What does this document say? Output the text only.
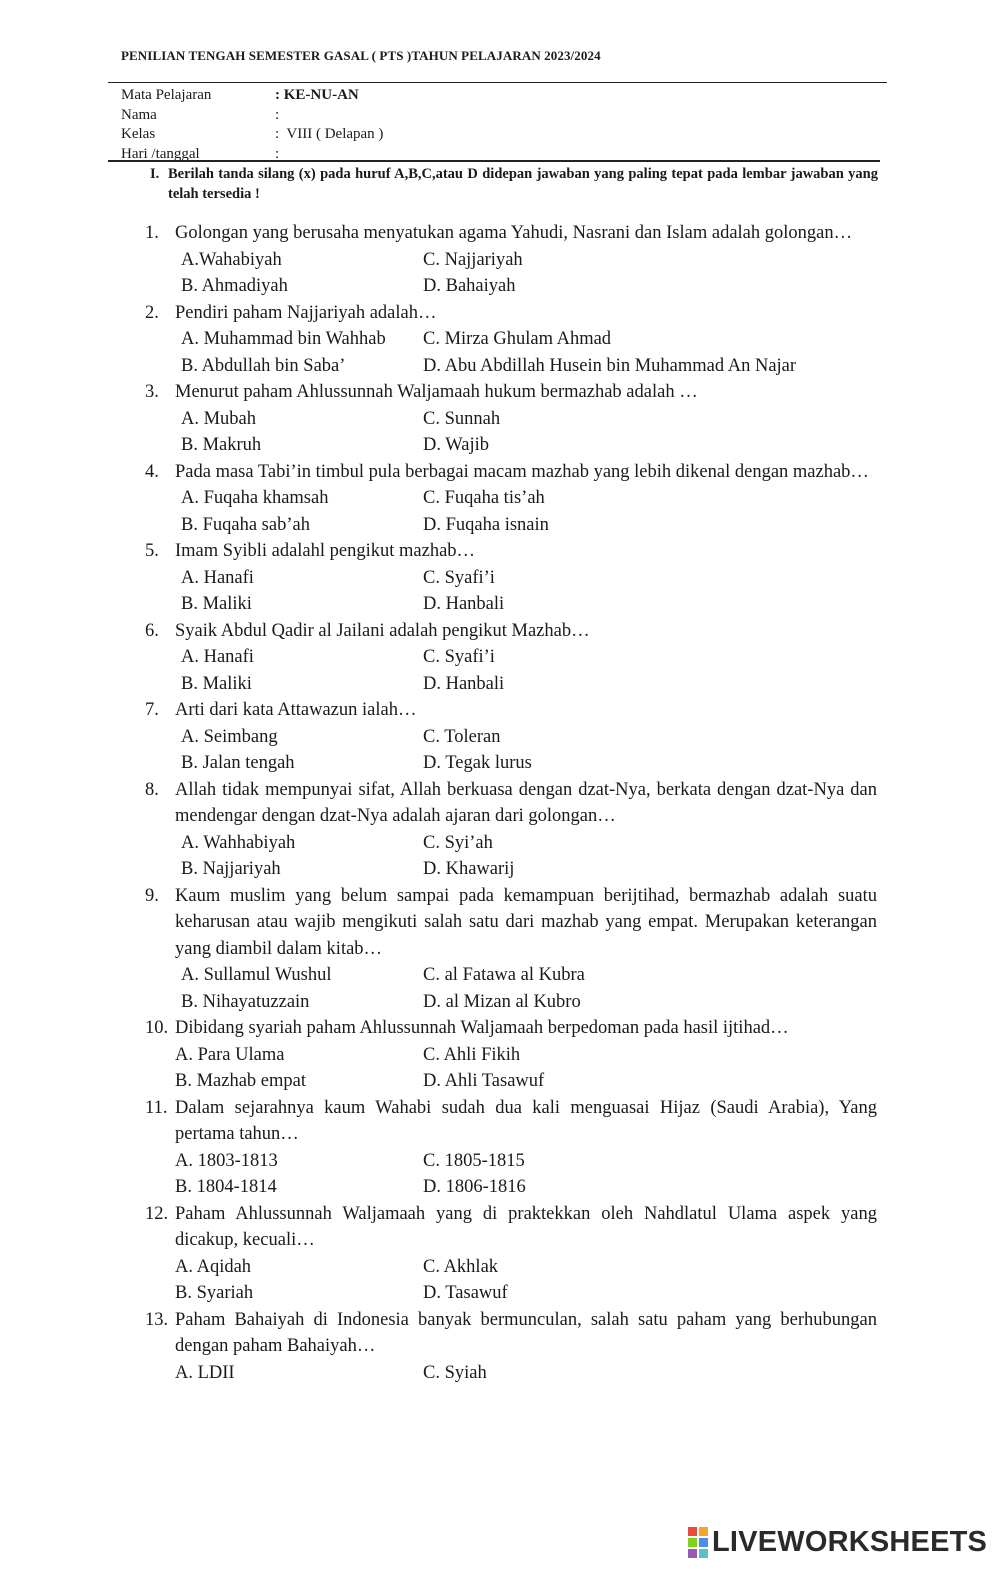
PENILIAN TENGAH SEMESTER GASAL ( PTS )TAHUN PELAJARAN 2023/2024
Mata Pelajaran	: KE-NU-AN
Nama	:
Kelas	:  VIII ( Delapan )
Hari /tanggal	:
I. Berilah tanda silang (x) pada huruf A,B,C,atau D didepan jawaban yang paling tepat pada lembar jawaban yang telah tersedia !
1. Golongan yang berusaha menyatukan agama Yahudi, Nasrani dan Islam adalah golongan…
A.Wahabiyah	C. Najjariyah
B. Ahmadiyah	D. Bahaiyah
2. Pendiri paham Najjariyah adalah…
A. Muhammad bin Wahhab C. Mirza Ghulam Ahmad
B. Abdullah bin Saba’	D. Abu Abdillah Husein bin Muhammad An Najar
3. Menurut paham Ahlussunnah Waljamaah hukum bermazhab adalah …
A. Mubah	C. Sunnah
B. Makruh	D. Wajib
4. Pada masa Tabi’in timbul pula berbagai macam mazhab yang lebih dikenal dengan mazhab…
A. Fuqaha khamsah	C. Fuqaha tis’ah
B. Fuqaha sab’ah	D. Fuqaha isnain
5. Imam Syibli adalahl pengikut mazhab…
A. Hanafi	C. Syafi’i
B. Maliki	D. Hanbali
6. Syaik Abdul Qadir al Jailani adalah pengikut Mazhab…
A. Hanafi	C. Syafi’i
B. Maliki	D. Hanbali
7. Arti dari kata Attawazun ialah…
A. Seimbang	C. Toleran
B. Jalan tengah	D. Tegak lurus
8. Allah tidak mempunyai sifat, Allah berkuasa dengan dzat-Nya, berkata dengan dzat-Nya dan mendengar dengan dzat-Nya adalah ajaran dari golongan…
A. Wahhabiyah	C. Syi’ah
B. Najjariyah	D. Khawarij
9. Kaum muslim yang belum sampai pada kemampuan berijtihad, bermazhab adalah suatu keharusan atau wajib mengikuti salah satu dari mazhab yang empat. Merupakan keterangan yang diambil dalam kitab…
A. Sullamul Wushul	C. al Fatawa al Kubra
B. Nihayatuzzain	D. al Mizan al Kubro
10. Dibidang syariah paham Ahlussunnah Waljamaah berpedoman pada hasil ijtihad…
A. Para Ulama	C. Ahli Fikih
B. Mazhab empat	D. Ahli Tasawuf
11. Dalam sejarahnya kaum Wahabi sudah dua kali menguasai Hijaz (Saudi Arabia), Yang pertama tahun…
A. 1803-1813	C. 1805-1815
B. 1804-1814	D. 1806-1816
12. Paham Ahlussunnah Waljamaah yang di praktekkan oleh Nahdlatul Ulama aspek yang dicakup, kecuali…
A. Aqidah	C. Akhlak
B. Syariah	D. Tasawuf
13. Paham Bahaiyah di Indonesia banyak bermunculan, salah satu paham yang berhubungan dengan paham Bahaiyah…
A. LDII	C. Syiah
LIVEWORKSHEETS
